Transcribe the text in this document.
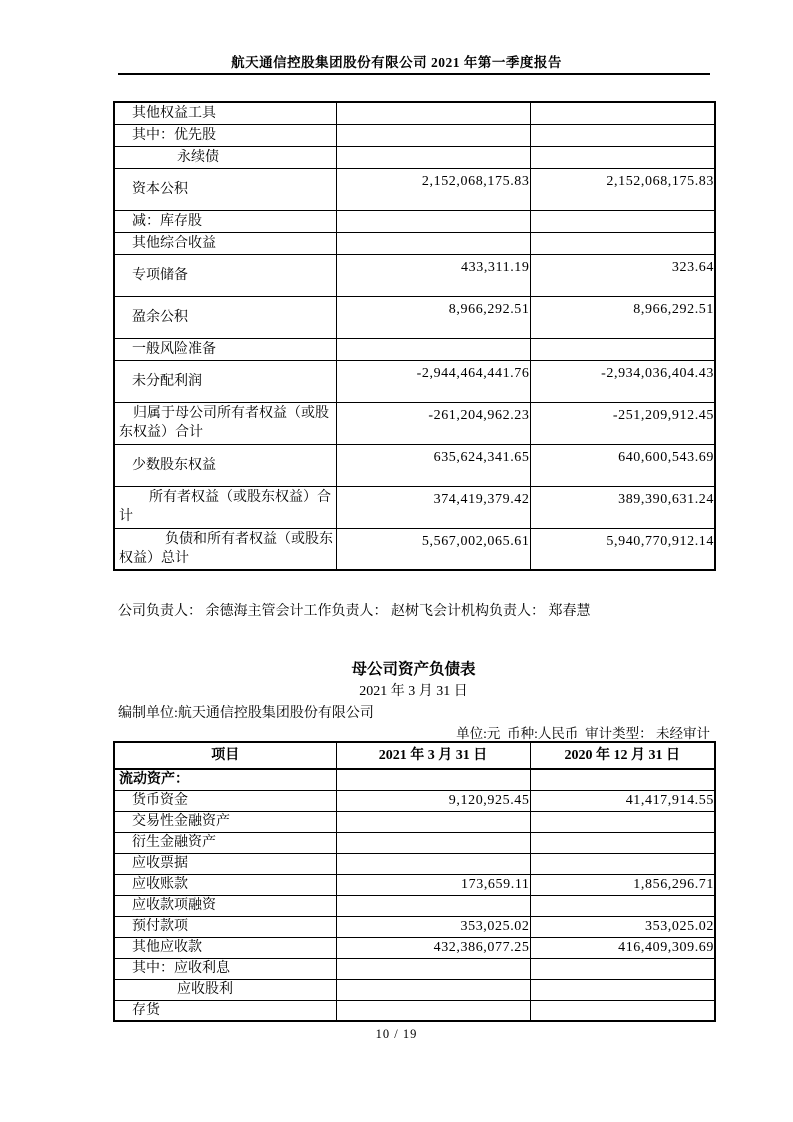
航天通信控股集团股份有限公司 2021 年第一季度报告
其他权益工具		
其中：优先股		
永续债		
资本公积	2,152,068,175.83	2,152,068,175.83
减：库存股		
其他综合收益		
专项储备	433,311.19	323.64
盈余公积	8,966,292.51	8,966,292.51
一般风险准备		
未分配利润	-2,944,464,441.76	-2,934,036,404.43
归属于母公司所有者权益（或股东权益）合计	-261,204,962.23	-251,209,912.45
少数股东权益	635,624,341.65	640,600,543.69
所有者权益（或股东权益）合计	374,419,379.42	389,390,631.24
负债和所有者权益（或股东权益）总计	5,567,002,065.61	5,940,770,912.14
公司负责人： 余德海主管会计工作负责人： 赵树飞会计机构负责人： 郑春慧
母公司资产负债表
2021 年 3 月 31 日
编制单位:航天通信控股集团股份有限公司
单位:元  币种:人民币  审计类型： 未经审计
项目	2021 年 3 月 31 日	2020 年 12 月 31 日
流动资产：		
货币资金	9,120,925.45	41,417,914.55
交易性金融资产		
衍生金融资产		
应收票据		
应收账款	173,659.11	1,856,296.71
应收款项融资		
预付款项	353,025.02	353,025.02
其他应收款	432,386,077.25	416,409,309.69
其中：应收利息		
应收股利		
存货		
10 / 19
